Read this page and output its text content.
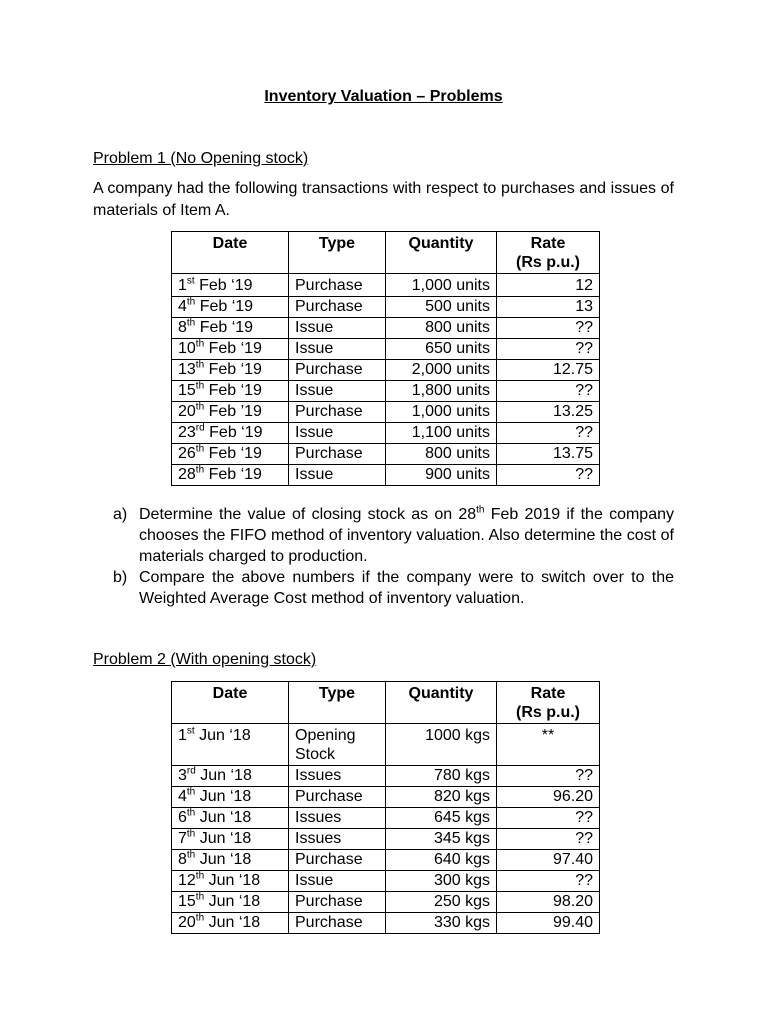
Inventory Valuation – Problems
Problem 1 (No Opening stock)
A company had the following transactions with respect to purchases and issues of materials of Item A.
Date	Type	Quantity	Rate
(Rs p.u.)
1st Feb ‘19	Purchase	1,000 units	12
4th Feb ‘19	Purchase	500 units	13
8th Feb ‘19	Issue	800 units	??
10th Feb ‘19	Issue	650 units	??
13th Feb ‘19	Purchase	2,000 units	12.75
15th Feb ‘19	Issue	1,800 units	??
20th Feb ’19	Purchase	1,000 units	13.25
23rd Feb ‘19	Issue	1,100 units	??
26th Feb ‘19	Purchase	800 units	13.75
28th Feb ‘19	Issue	900 units	??
a) Determine the value of closing stock as on 28th Feb 2019 if the company chooses the FIFO method of inventory valuation. Also determine the cost of materials charged to production.
b) Compare the above numbers if the company were to switch over to the Weighted Average Cost method of inventory valuation.
Problem 2 (With opening stock)
Date	Type	Quantity	Rate
(Rs p.u.)
1st Jun ‘18	Opening Stock	1000 kgs	**
3rd Jun ‘18	Issues	780 kgs	??
4th Jun ‘18	Purchase	820 kgs	96.20
6th Jun ‘18	Issues	645 kgs	??
7th Jun ‘18	Issues	345 kgs	??
8th Jun ‘18	Purchase	640 kgs	97.40
12th Jun ‘18	Issue	300 kgs	??
15th Jun ‘18	Purchase	250 kgs	98.20
20th Jun ‘18	Purchase	330 kgs	99.40
